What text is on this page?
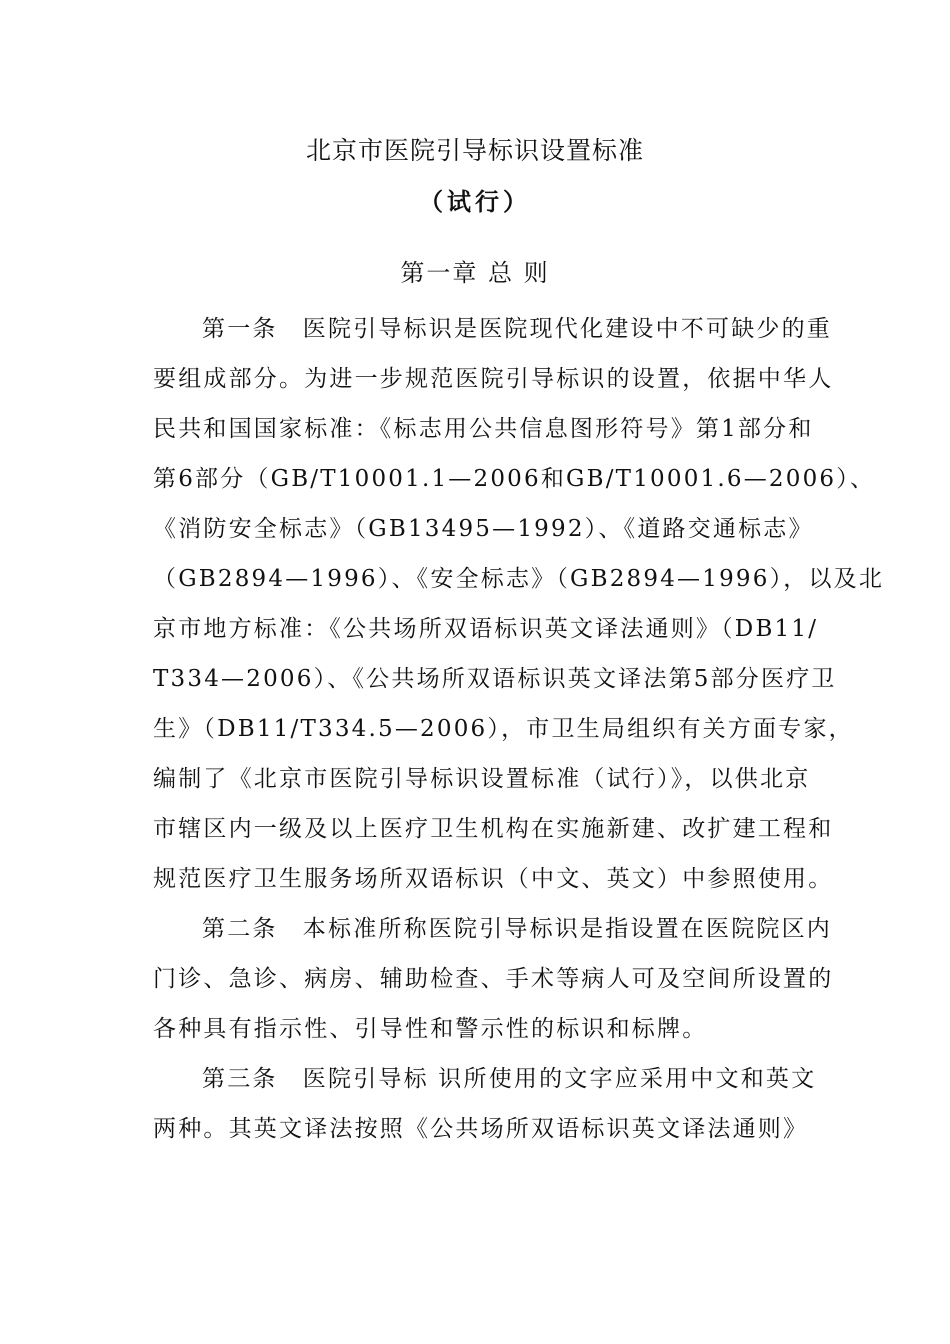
北京市医院引导标识设置标准
（试行）
第一章 总 则
第一条　医院引导标识是医院现代化建设中不可缺少的重
要组成部分。为进一步规范医院引导标识的设置，依据中华人
民共和国国家标准：《标志用公共信息图形符号》第1部分和
第6部分（GB/T10001.1—2006和GB/T10001.6—2006）、
《消防安全标志》（GB13495—1992）、《道路交通标志》
（GB2894—1996）、《安全标志》（GB2894—1996），以及北
京市地方标准：《公共场所双语标识英文译法通则》（DB11/
T334—2006）、《公共场所双语标识英文译法第5部分医疗卫
生》（DB11/T334.5—2006），市卫生局组织有关方面专家，
编制了《北京市医院引导标识设置标准（试行）》，以供北京
市辖区内一级及以上医疗卫生机构在实施新建、改扩建工程和
规范医疗卫生服务场所双语标识（中文、英文）中参照使用。
第二条　本标准所称医院引导标识是指设置在医院院区内
门诊、急诊、病房、辅助检查、手术等病人可及空间所设置的
各种具有指示性、引导性和警示性的标识和标牌。
第三条　医院引导标 识所使用的文字应采用中文和英文
两种。其英文译法按照《公共场所双语标识英文译法通则》
